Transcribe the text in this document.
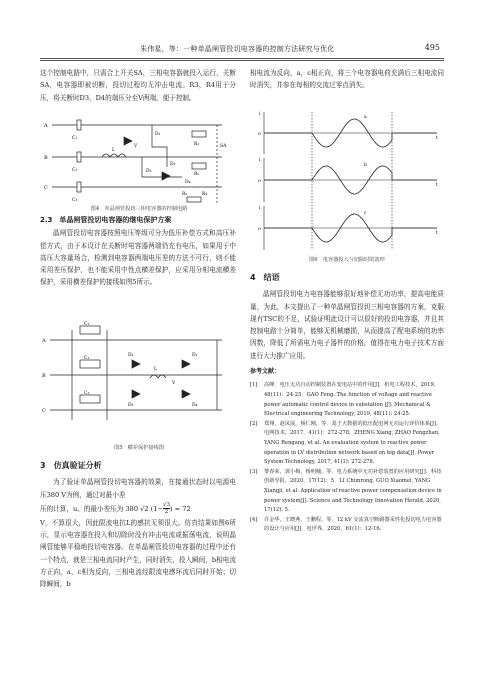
朱伟星，等：一种单晶闸管投切电容器的控制方法研究与优化	495

这个控制电路中，只需合上开关SA，三相电容器就投入运行，关断SA，电容器即被切断，投切过程均无冲击电流。R3，R4用于分压，将关断时D3，D4的端压分至V两端，便于控制。

A
B
C
C₁
C₂
C₃
R₁
R₂
R₃	R₄
D₁
D₂
D₃
D₄
V
L
SA
图4　单晶闸管投切三相电容器的控制电路
2.3　单晶闸管投切电容器的继电保护方案

晶闸管投切电容器按照电压等级可分为低压补偿方式和高压补偿方式，由于本设计在关断时电容器两端仍充有电压，如果用于中高压大容量场合，检测到电容器两端电压差的方法不可行，则不能采用差压保护，也不能采用中性点横差保护，应采用分相电流横差保护，采用横差保护的接线如图5所示。

A
B
C
C₁
C₂
C₃
D₁	D₂
D₃	D₄
L
V
图5　横差保护接线图
3　仿真验证分析

为了验证单晶闸管投切电容器的效果，在接通状态时以电源电压380 V为例，通过对最小差

压的计算，u。的最小差压为 380 √2 ($1- \frac{√3}{2}$ ) = 72

V，不算很大，因此限流电抗L的感抗无须很大。仿真结果如图6所示，显示电容器在投入和切除时没有冲击电流或振荡电流，说明晶闸管能够平稳地投切电容器。在单晶闸管投切电容器的过程中还有一个特点，就是三相电流同时产生，同时消失，投入瞬间，b相电流方正向，a，c相为反向，三相电流经限流电感环流后同时开始；切除瞬间，b

相电流为反向，a，c相正向，将三个电容器电荷充满后三相电流同时消失，并参在每相的交流过零点消失。

i
i
i
o
o
o
t
t
t
a
b
c
图6　电容器投入与切除时的波形
4　结语

晶闸管投切电力电容器能够很好地补偿无功功率，提高电能质量，为此，本文提出了一种单晶闸管投切三相电容器的方案，克服现有TSC的不足，试验证明此设计可以很好的投切电容器，并且其控制电路十分简单，能够无机械磨损，从而提高了配电系统的功率因数，降低了所需电力电子器件的价格，值得在电力电子技术方面进行大力推广应用。

参考文献：
[1]	高峰．电压无功自动控制装置在变电站中的作用[J]．机电工程技术，2019，48(11)：24-25．GAO Feng. The function of voltage and reactive power automatic control device in substation [J]. Mechanical & Electrical engineering Technology, 2019, 48(11): 24-25.
[2]	郑翔，赵凤展，杨仁刚，等．基于大数据的低压配电网无功运行评价体系[J]．电网技术，2017，41(1)：272-278．ZHENG Xiang, ZHAO Fengzhan, YANG Rengang, et al. An evaluation system to reactive power operation in LV distribution network based on big data[J]. Power System Technology, 2017, 41(1): 272-278.
[3]	黎春荣，郭小梅，杨明楠，等．电力系统中无功补偿装置的应用研究[J]．科技创新导报，2020，17(12)：5．LI Chunrong, GUO Xiaomei, YANG Xiangji, et al. Application of reactive power compensation device in power system[J]. Science and Technology Innovation Herald, 2020, 17(12): 5.
[4]	许金华，王晓燕，王鹏程，等．12 kV 交流真空断路器采性化投切电力电容器的设计与应用[J]．电世界，2020，61(1)：12-16.
